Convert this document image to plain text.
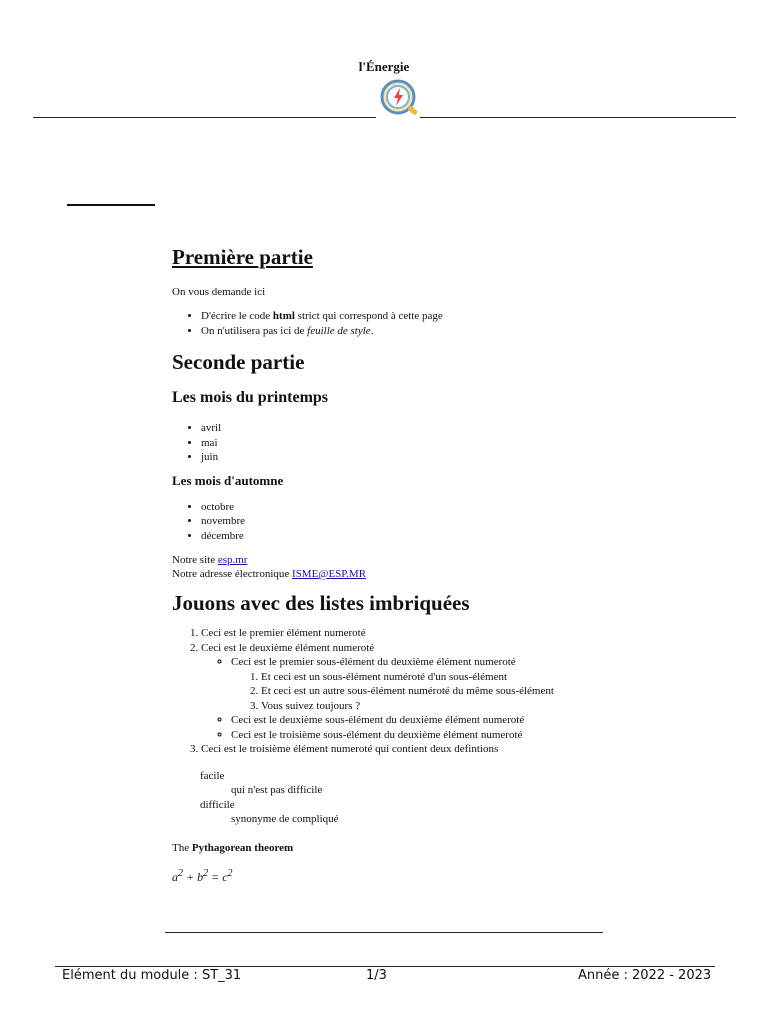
l'Énergie
Première partie

On vous demande ici

• D'écrire le code html strict qui correspond à cette page
• On n'utilisera pas ici de feuille de style.
Seconde partie
Les mois du printemps
• avril
• mai
• juin
Les mois d'automne
• octobre
• novembre
• décembre

Notre site esp.mr

Notre adresse électronique ISME@ESP.MR

Jouons avec des listes imbriquées
1. Ceci est le premier élément numeroté
2. Ceci est le deuxième élément numeroté
◦ Ceci est le premier sous-élément du deuxième élément numeroté
1. Et ceci est un sous-élément numéroté d'un sous-élément
2. Et ceci est un autre sous-élément numéroté du même sous-élément
3. Vous suivez toujours ?
◦ Ceci est le deuxième sous-élément du deuxième élément numeroté
◦ Ceci est le troisième sous-élément du deuxième élément numeroté
3. Ceci est le troisième élément numeroté qui contient deux defintions
facile
qui n'est pas difficile
difficile
synonyme de compliqué

The Pythagorean theorem

$a^2 + b^2 = c^2$

Elément du module : ST_31	1/3	Année : 2022 - 2023
